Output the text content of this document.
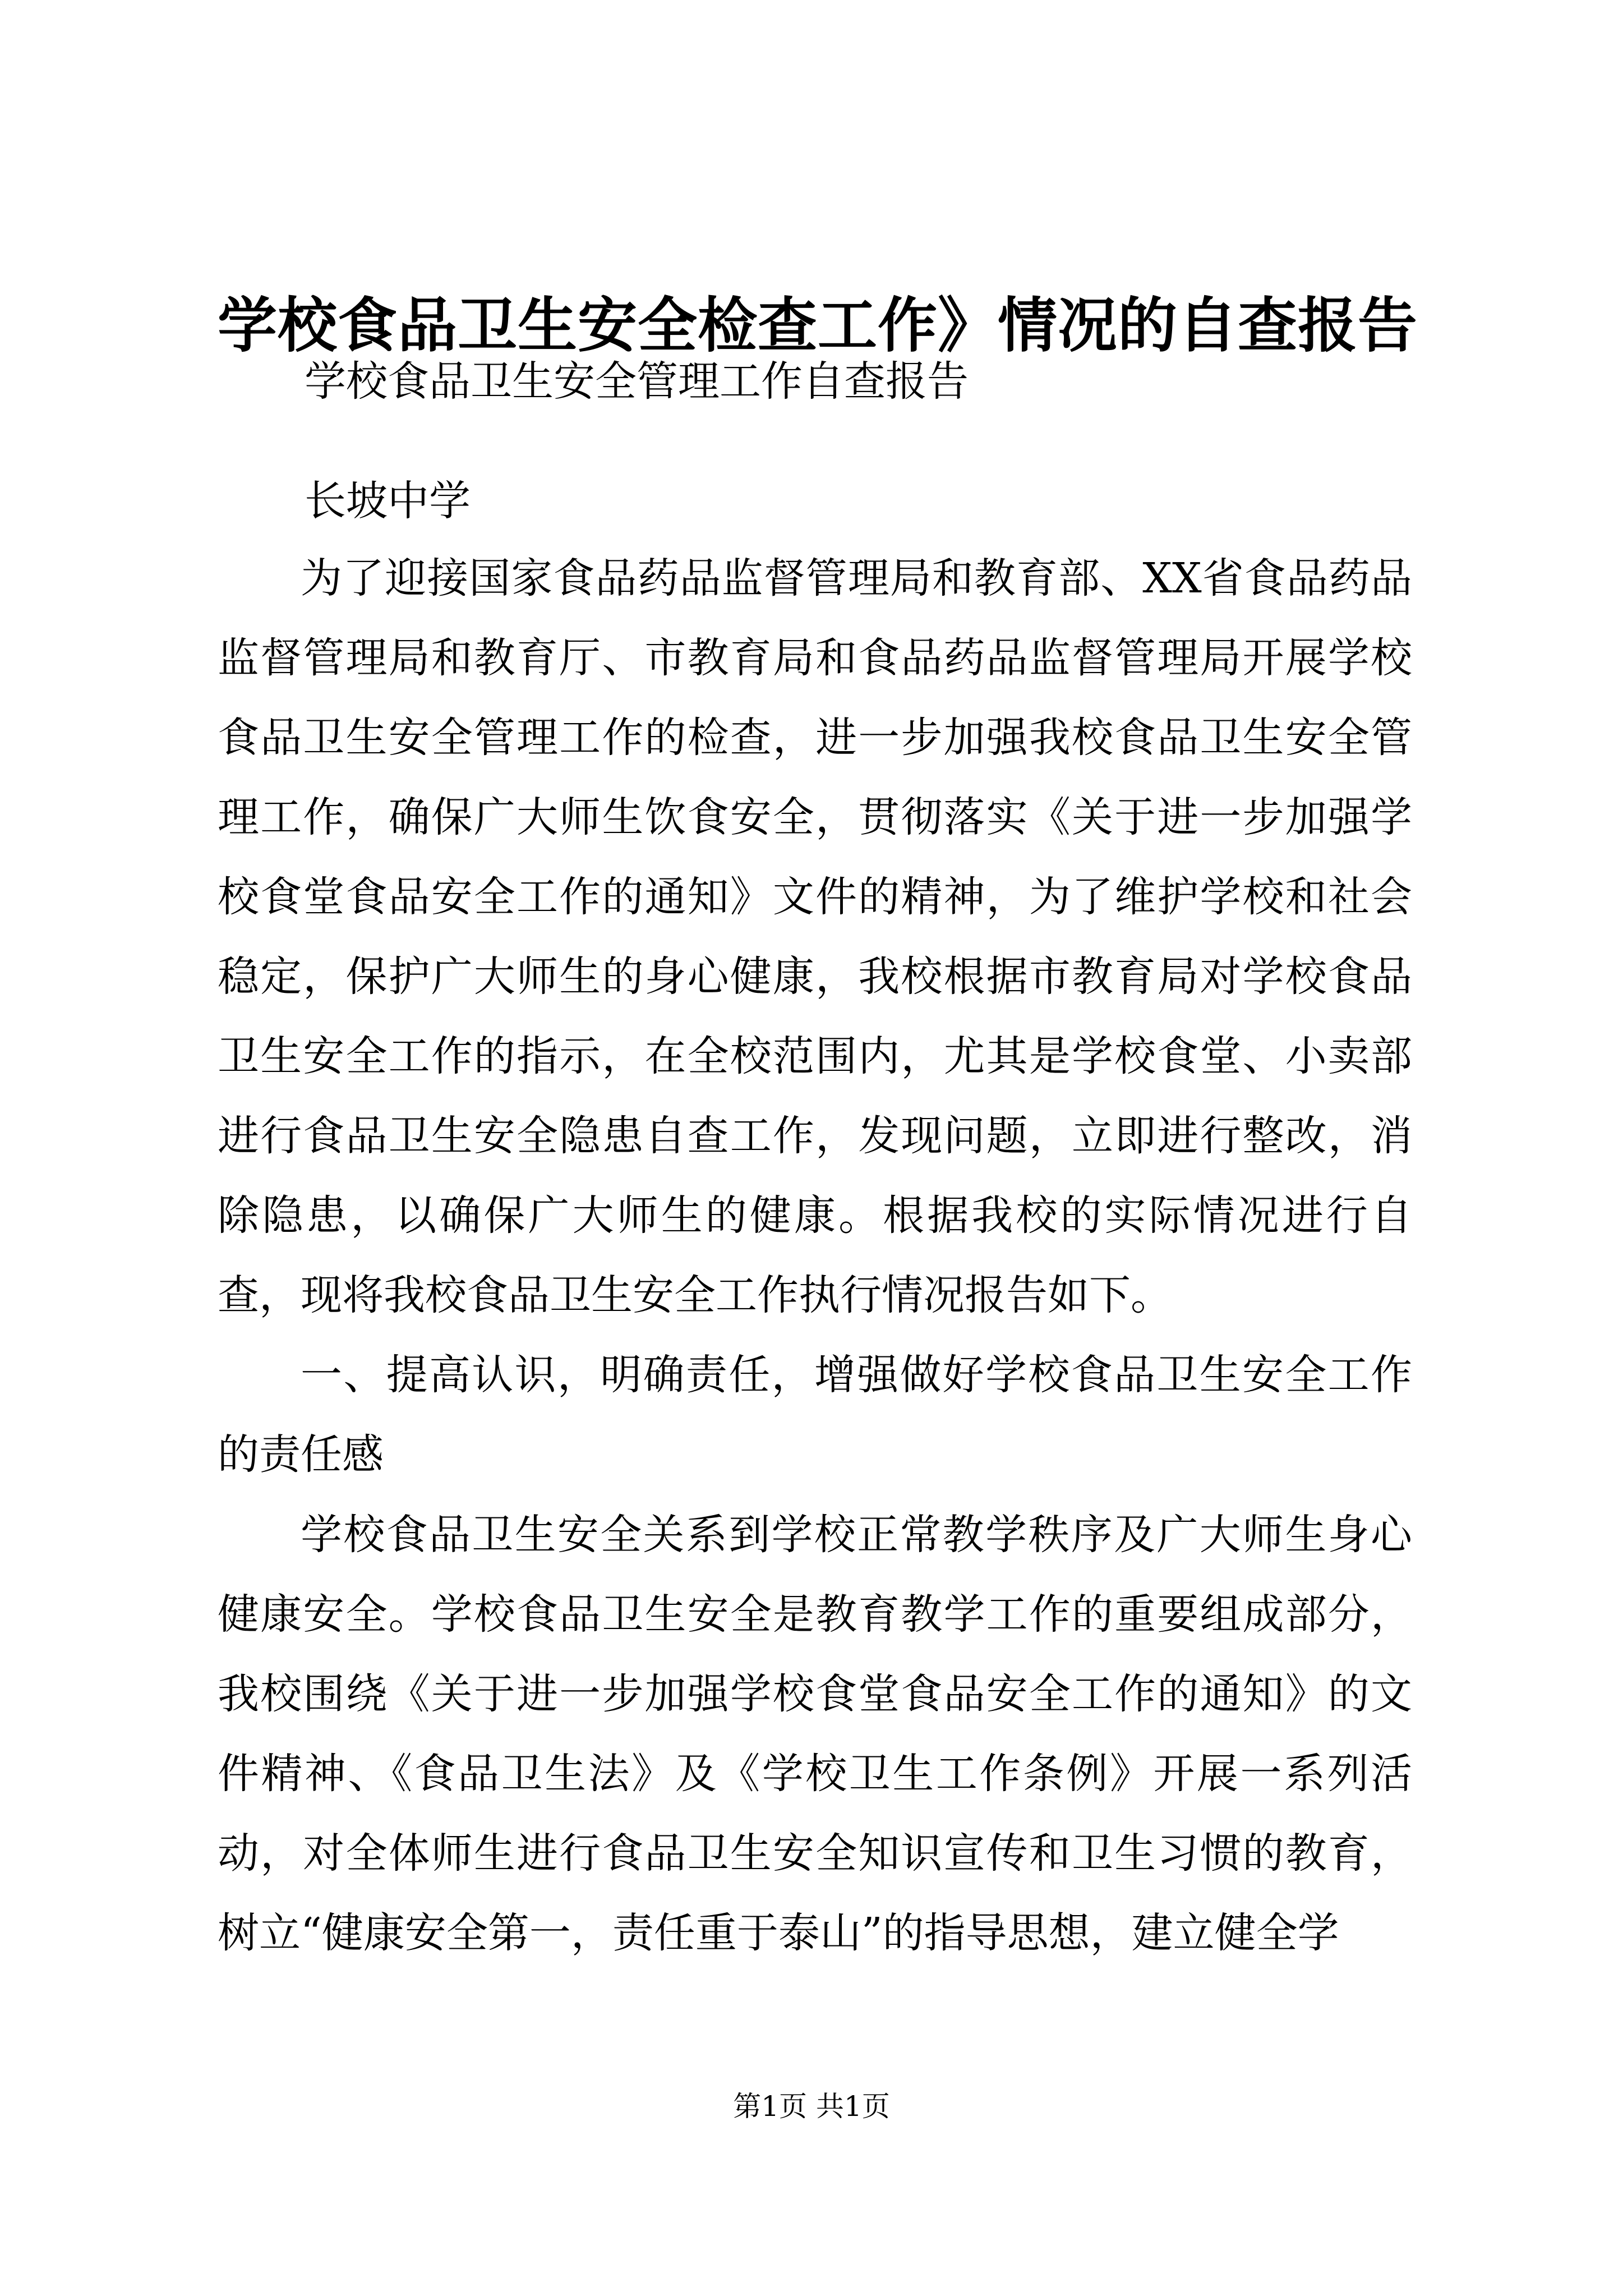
学校食品卫生安全检查工作》情况的自查报告

学校食品卫生安全管理工作自查报告

长坡中学

为了迎接国家食品药品监督管理局和教育部、XX省食品药品监督管理局和教育厅、市教育局和食品药品监督管理局开展学校食品卫生安全管理工作的检查，进一步加强我校食品卫生安全管理工作，确保广大师生饮食安全，贯彻落实《关于进一步加强学校食堂食品安全工作的通知》文件的精神，为了维护学校和社会稳定，保护广大师生的身心健康，我校根据市教育局对学校食品卫生安全工作的指示，在全校范围内，尤其是学校食堂、小卖部进行食品卫生安全隐患自查工作，发现问题，立即进行整改，消除隐患，以确保广大师生的健康。根据我校的实际情况进行自查，现将我校食品卫生安全工作执行情况报告如下。

一、提高认识，明确责任，增强做好学校食品卫生安全工作的责任感

学校食品卫生安全关系到学校正常教学秩序及广大师生身心健康安全。学校食品卫生安全是教育教学工作的重要组成部分，我校围绕《关于进一步加强学校食堂食品安全工作的通知》的文件精神、《食品卫生法》及《学校卫生工作条例》开展一系列活动，对全体师生进行食品卫生安全知识宣传和卫生习惯的教育，树立“健康安全第一，责任重于泰山”的指导思想，建立健全学

第1页 共1页
